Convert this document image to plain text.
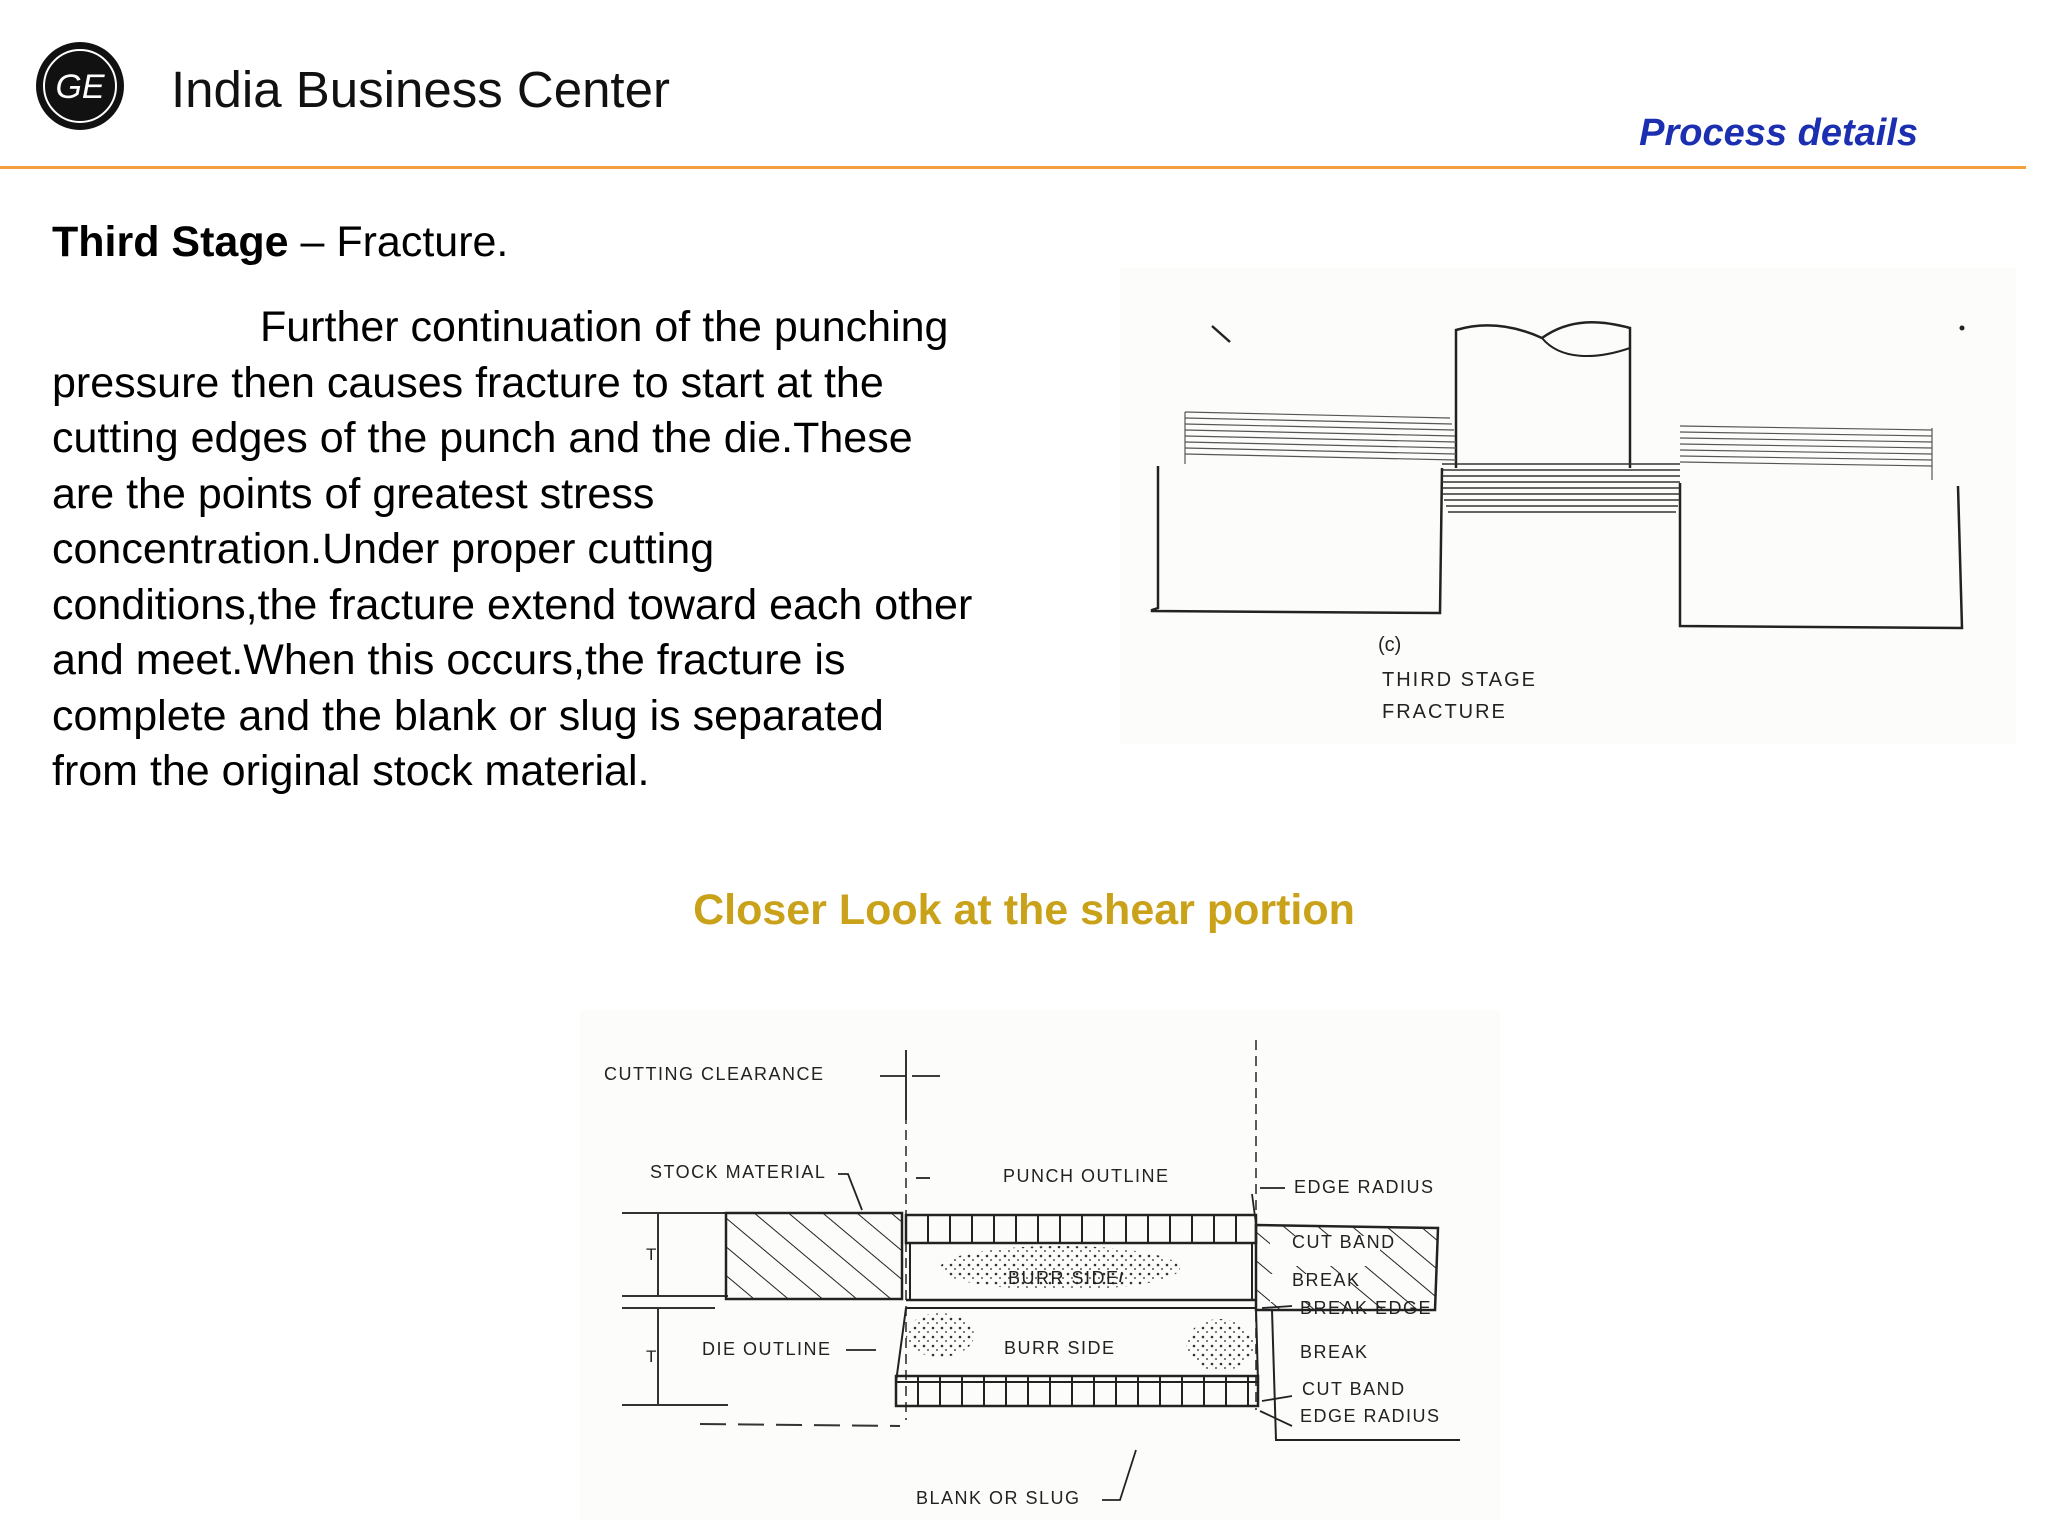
GE India Business Center
Process details
Third Stage – Fracture.
Further continuation of the punching
pressure then causes fracture to start at the
cutting edges of the punch and the die.These
are the points of greatest stress
concentration.Under proper cutting
conditions,the fracture extend toward each other
and meet.When this occurs,the fracture is
complete and the blank or slug is separated
from the original stock material.
(c)
THIRD STAGE
FRACTURE
Closer Look at the shear portion
T
T
CUTTING CLEARANCE
STOCK MATERIAL	PUNCH OUTLINE
EDGE RADIUS
CUT BAND
BURR SIDE	BREAK
BREAK EDGE
DIE OUTLINE	BURR SIDE	BREAK
CUT BAND
EDGE RADIUS
BLANK OR SLUG
